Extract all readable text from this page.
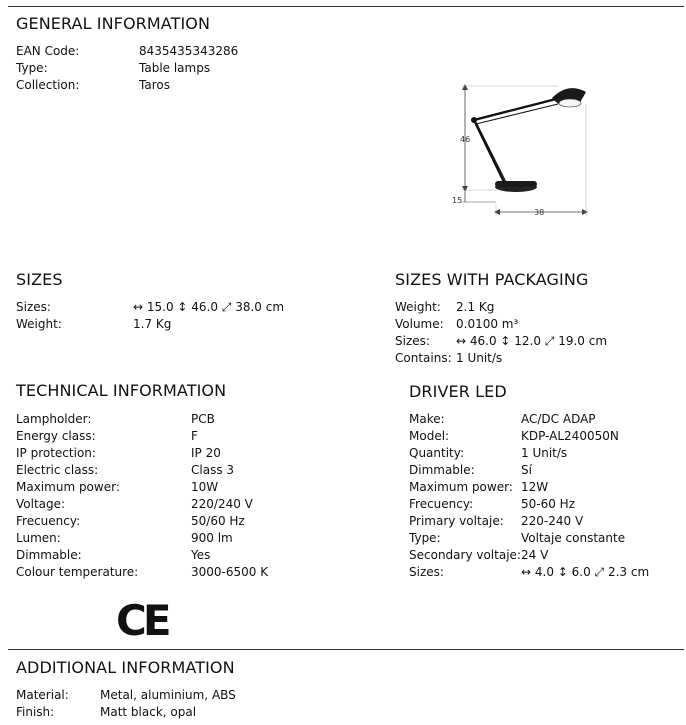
GENERAL INFORMATION
EAN Code:	8435435343286
Type:	Table lamps
Collection:	Taros
46
15
38
SIZES
Sizes:	↔ 15.0 ↕ 46.0 ⤢ 38.0 cm
Weight:	1.7 Kg
SIZES WITH PACKAGING
Weight: 2.1 Kg
Volume: 0.0100 m³
Sizes: ↔ 46.0 ↕ 12.0 ⤢ 19.0 cm
Contains: 1 Unit/s
TECHNICAL INFORMATION
Lampholder:	PCB
Energy class:	F
IP protection:	IP 20
Electric class:	Class 3
Maximum power:	10W
Voltage:	220/240 V
Frecuency:	50/60 Hz
Lumen:	900 lm
Dimmable:	Yes
Colour temperature:	3000-6500 K
CE
DRIVER LED
Make:	AC/DC ADAP
Model:	KDP-AL240050N
Quantity:	1 Unit/s
Dimmable:	Sí
Maximum power: 12W
Frecuency:	50-60 Hz
Primary voltaje: 220-240 V
Type:	Voltaje constante
Secondary voltaje: 24 V
Sizes:	↔ 4.0 ↕ 6.0 ⤢ 2.3 cm
ADDITIONAL INFORMATION
Material:	Metal, aluminium, ABS
Finish:	Matt black, opal
